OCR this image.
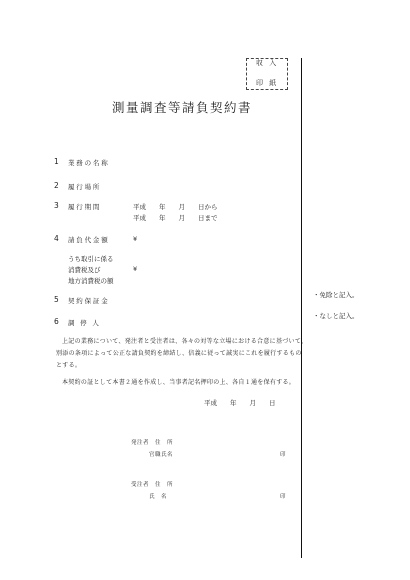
収 入
印 紙
測量調査等請負契約書
1 業務の名称
2 履行場所
3 履行期間	平成　　年　　月　　日から
平成　　年　　月　　日まで
4 請負代金額	¥
うち取引に係る
消費税及び	¥
地方消費税の額
5 契約保証金
6 調 停 人
・免除と記入。
・なしと記入。
上記の業務について、発注者と受注者は、各々の対等な立場における合意に基づいて、
別添の条項によって公正な請負契約を締結し、信義に従って誠実にこれを履行するもの
とする。
本契約の証として本書２通を作成し、当事者記名押印の上、各自１通を保有する。
平成　　年　　月　　日
発注者　住　所
官職氏名	印
受注者　住　所
氏　名	印
